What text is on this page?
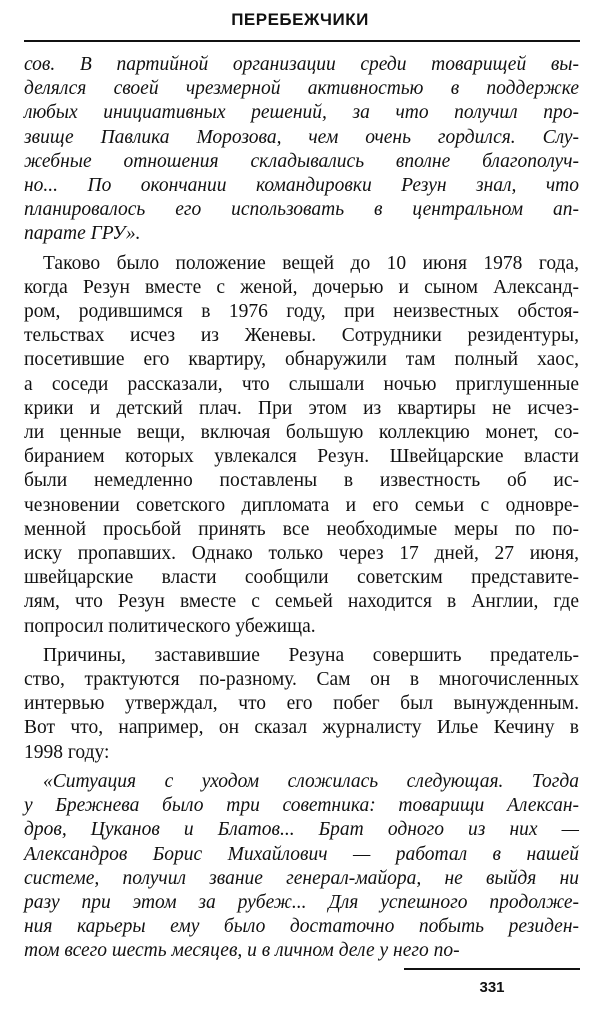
ПЕРЕБЕЖЧИКИ
сов. В партийной организации среди товарищей вы-
делялся своей чрезмерной активностью в поддержке
любых инициативных решений, за что получил про-
звище Павлика Морозова, чем очень гордился. Слу-
жебные отношения складывались вполне благополуч-
но... По окончании командировки Резун знал, что
планировалось его использовать в центральном ап-
парате ГРУ».
Таково было положение вещей до 10 июня 1978 года,
когда Резун вместе с женой, дочерью и сыном Александ-
ром, родившимся в 1976 году, при неизвестных обстоя-
тельствах исчез из Женевы. Сотрудники резидентуры,
посетившие его квартиру, обнаружили там полный хаос,
а соседи рассказали, что слышали ночью приглушенные
крики и детский плач. При этом из квартиры не исчез-
ли ценные вещи, включая большую коллекцию монет, со-
биранием которых увлекался Резун. Швейцарские власти
были немедленно поставлены в известность об ис-
чезновении советского дипломата и его семьи с одновре-
менной просьбой принять все необходимые меры по по-
иску пропавших. Однако только через 17 дней, 27 июня,
швейцарские власти сообщили советским представите-
лям, что Резун вместе с семьей находится в Англии, где
попросил политического убежища.
Причины, заставившие Резуна совершить предатель-
ство, трактуются по-разному. Сам он в многочисленных
интервью утверждал, что его побег был вынужденным.
Вот что, например, он сказал журналисту Илье Кечину в
1998 году:
«Ситуация с уходом сложилась следующая. Тогда
у Брежнева было три советника: товарищи Алексан-
дров, Цуканов и Блатов... Брат одного из них —
Александров Борис Михайлович — работал в нашей
системе, получил звание генерал-майора, не выйдя ни
разу при этом за рубеж... Для успешного продолже-
ния карьеры ему было достаточно побыть резиден-
том всего шесть месяцев, и в личном деле у него по-
331
